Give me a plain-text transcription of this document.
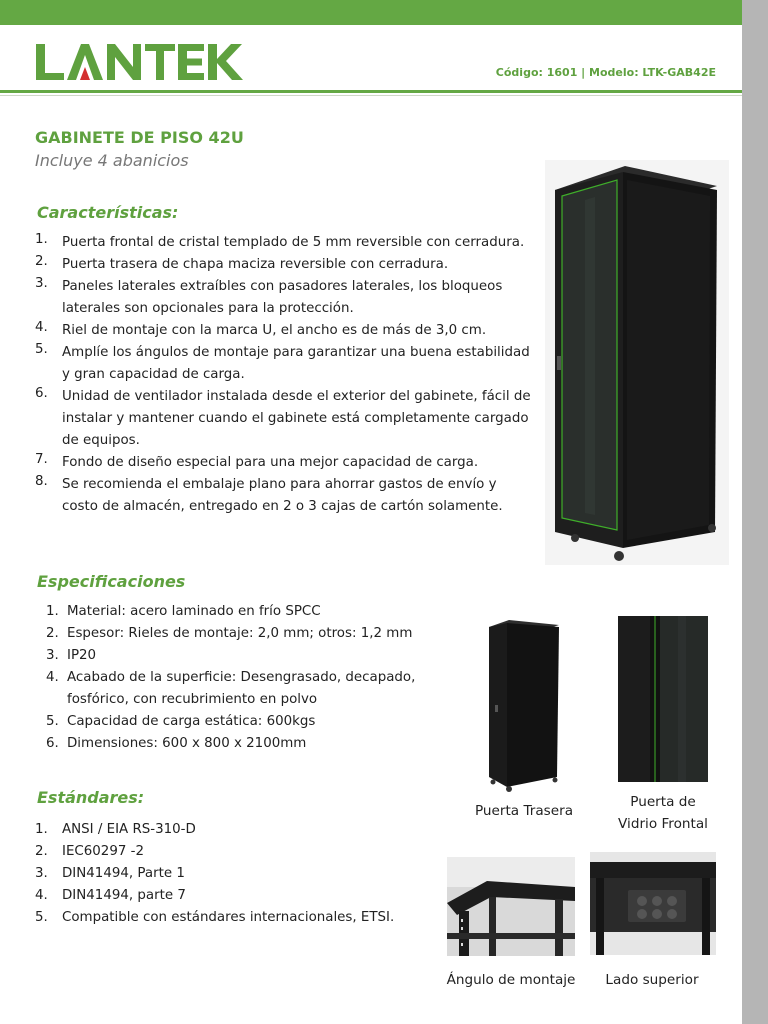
Código: 1601 | Modelo: LTK-GAB42E
GABINETE DE PISO 42U
Incluye 4 abanicios
Características:
1. Puerta frontal de cristal templado de 5 mm reversible con cerradura.
2. Puerta trasera de chapa maciza reversible con cerradura.
3. Paneles laterales extraíbles con pasadores laterales, los bloqueos laterales son opcionales para la protección.
4. Riel de montaje con la marca U, el ancho es de más de 3,0 cm.
5. Amplíe los ángulos de montaje para garantizar una buena estabilidad y gran capacidad de carga.
6. Unidad de ventilador instalada desde el exterior del gabinete, fácil de instalar y mantener cuando el gabinete está completamente cargado de equipos.
7. Fondo de diseño especial para una mejor capacidad de carga.
8. Se recomienda el embalaje plano para ahorrar gastos de envío y costo de almacén, entregado en 2 o 3 cajas de cartón solamente.
Especificaciones
1. Material: acero laminado en frío SPCC
2. Espesor: Rieles de montaje: 2,0 mm; otros: 1,2 mm
3. IP20
4. Acabado de la superficie: Desengrasado, decapado, fosfórico, con recubrimiento en polvo
5. Capacidad de carga estática: 600kgs
6. Dimensiones: 600 x 800 x 2100mm
Puerta Trasera
Puerta de
Vidrio Frontal
Estándares:
1. ANSI / EIA RS-310-D
2. IEC60297 -2
3. DIN41494, Parte 1
4. DIN41494, parte 7
5. Compatible con estándares internacionales, ETSI.
Ángulo de montaje	Lado superior
